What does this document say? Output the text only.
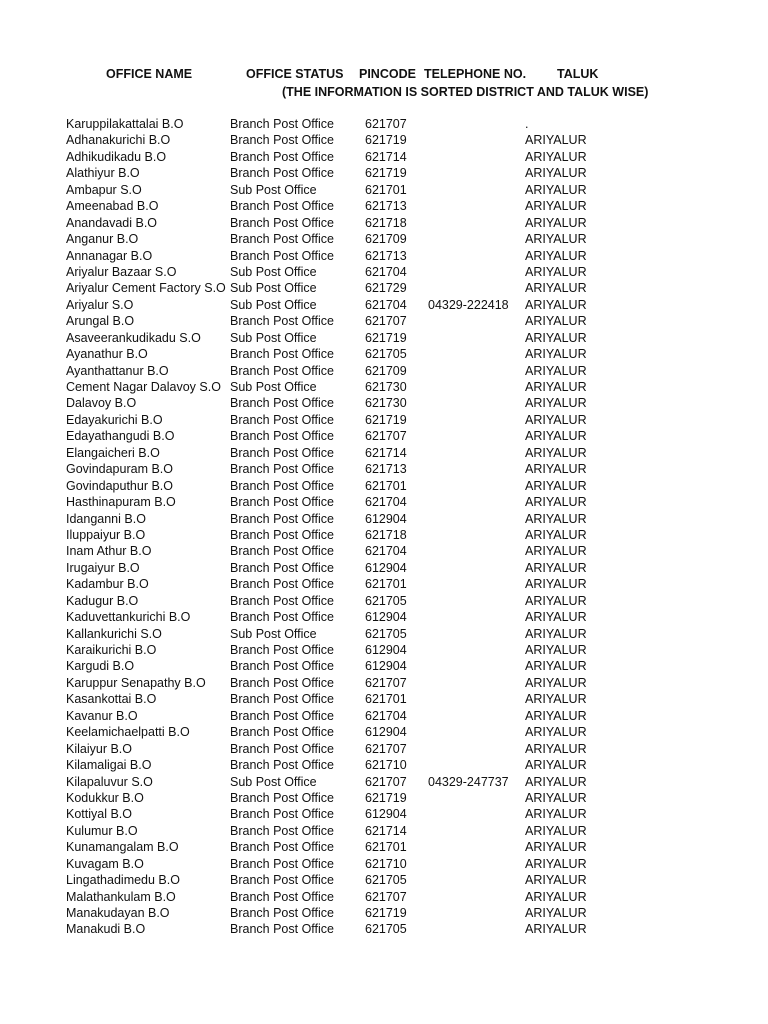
OFFICE NAME	OFFICE STATUS PINCODE TELEPHONE NO. TALUK
(THE INFORMATION IS SORTED DISTRICT AND TALUK WISE)
Karuppilakattalai B.O	Branch Post Office 621707	.
Adhanakurichi B.O	Branch Post Office 621719	ARIYALUR
Adhikudikadu B.O	Branch Post Office 621714	ARIYALUR
Alathiyur B.O	Branch Post Office 621719	ARIYALUR
Ambapur S.O	Sub Post Office	621701	ARIYALUR
Ameenabad B.O	Branch Post Office 621713	ARIYALUR
Anandavadi B.O	Branch Post Office 621718	ARIYALUR
Anganur B.O	Branch Post Office 621709	ARIYALUR
Annanagar B.O	Branch Post Office 621713	ARIYALUR
Ariyalur Bazaar S.O	Sub Post Office	621704	ARIYALUR
Ariyalur Cement Factory S.O Sub Post Office	621729	ARIYALUR
Ariyalur S.O	Sub Post Office	621704 04329-222418 ARIYALUR
Arungal B.O	Branch Post Office 621707	ARIYALUR
Asaveerankudikadu S.O Sub Post Office	621719	ARIYALUR
Ayanathur B.O	Branch Post Office 621705	ARIYALUR
Ayanthattanur B.O	Branch Post Office 621709	ARIYALUR
Cement Nagar Dalavoy S.O Sub Post Office	621730	ARIYALUR
Dalavoy B.O	Branch Post Office 621730	ARIYALUR
Edayakurichi B.O	Branch Post Office 621719	ARIYALUR
Edayathangudi B.O	Branch Post Office 621707	ARIYALUR
Elangaicheri B.O	Branch Post Office 621714	ARIYALUR
Govindapuram B.O	Branch Post Office 621713	ARIYALUR
Govindaputhur B.O	Branch Post Office 621701	ARIYALUR
Hasthinapuram B.O	Branch Post Office 621704	ARIYALUR
Idanganni B.O	Branch Post Office 612904	ARIYALUR
Iluppaiyur B.O	Branch Post Office 621718	ARIYALUR
Inam Athur B.O	Branch Post Office 621704	ARIYALUR
Irugaiyur B.O	Branch Post Office 612904	ARIYALUR
Kadambur B.O	Branch Post Office 621701	ARIYALUR
Kadugur B.O	Branch Post Office 621705	ARIYALUR
Kaduvettankurichi B.O	Branch Post Office 612904	ARIYALUR
Kallankurichi S.O	Sub Post Office	621705	ARIYALUR
Karaikurichi B.O	Branch Post Office 612904	ARIYALUR
Kargudi B.O	Branch Post Office 612904	ARIYALUR
Karuppur Senapathy B.O Branch Post Office 621707	ARIYALUR
Kasankottai B.O	Branch Post Office 621701	ARIYALUR
Kavanur B.O	Branch Post Office 621704	ARIYALUR
Keelamichaelpatti B.O	Branch Post Office 612904	ARIYALUR
Kilaiyur B.O	Branch Post Office 621707	ARIYALUR
Kilamaligai B.O	Branch Post Office 621710	ARIYALUR
Kilapaluvur S.O	Sub Post Office	621707 04329-247737 ARIYALUR
Kodukkur B.O	Branch Post Office 621719	ARIYALUR
Kottiyal B.O	Branch Post Office 612904	ARIYALUR
Kulumur B.O	Branch Post Office 621714	ARIYALUR
Kunamangalam B.O	Branch Post Office 621701	ARIYALUR
Kuvagam B.O	Branch Post Office 621710	ARIYALUR
Lingathadimedu B.O	Branch Post Office 621705	ARIYALUR
Malathankulam B.O	Branch Post Office 621707	ARIYALUR
Manakudayan B.O	Branch Post Office 621719	ARIYALUR
Manakudi B.O	Branch Post Office 621705	ARIYALUR
